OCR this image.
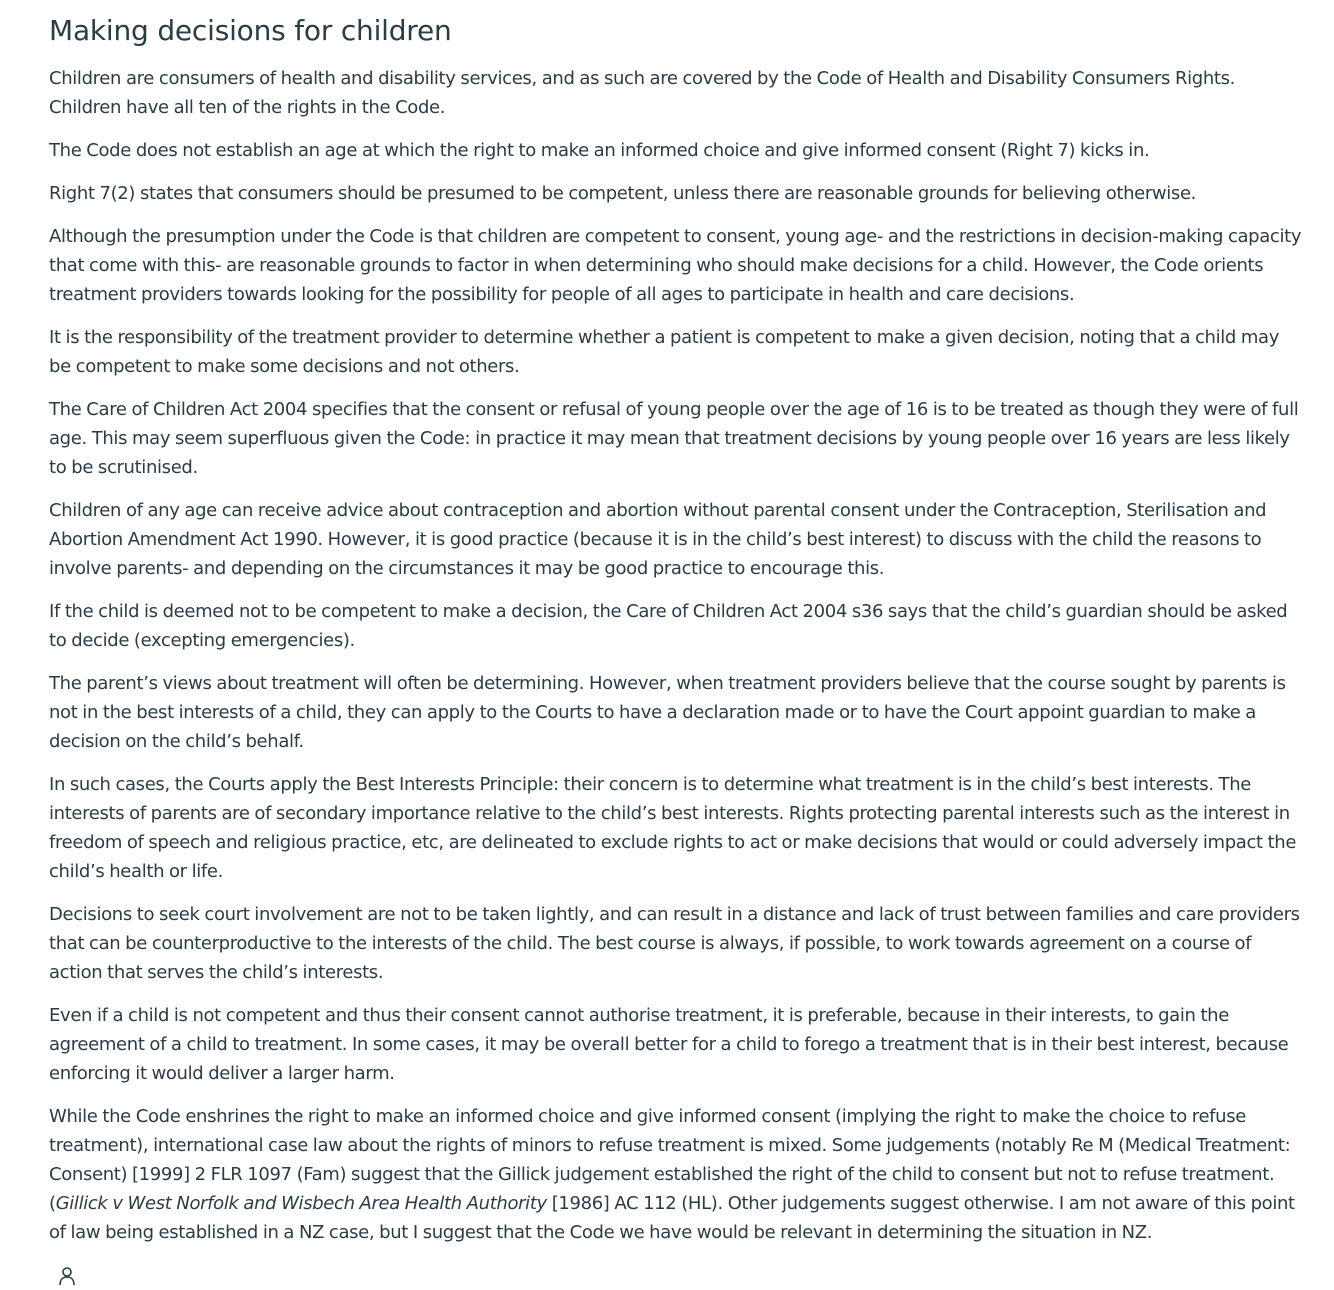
Making decisions for children

Children are consumers of health and disability services, and as such are covered by the Code of Health and Disability Consumers Rights. Children have all ten of the rights in the Code.

The Code does not establish an age at which the right to make an informed choice and give informed consent (Right 7) kicks in.

Right 7(2) states that consumers should be presumed to be competent, unless there are reasonable grounds for believing otherwise.

Although the presumption under the Code is that children are competent to consent, young age- and the restrictions in decision-making capacity that come with this- are reasonable grounds to factor in when determining who should make decisions for a child. However, the Code orients treatment providers towards looking for the possibility for people of all ages to participate in health and care decisions.

It is the responsibility of the treatment provider to determine whether a patient is competent to make a given decision, noting that a child may be competent to make some decisions and not others.

The Care of Children Act 2004 specifies that the consent or refusal of young people over the age of 16 is to be treated as though they were of full age. This may seem superfluous given the Code: in practice it may mean that treatment decisions by young people over 16 years are less likely to be scrutinised.

Children of any age can receive advice about contraception and abortion without parental consent under the Contraception, Sterilisation and Abortion Amendment Act 1990. However, it is good practice (because it is in the child’s best interest) to discuss with the child the reasons to involve parents- and depending on the circumstances it may be good practice to encourage this.

If the child is deemed not to be competent to make a decision, the Care of Children Act 2004 s36 says that the child’s guardian should be asked to decide (excepting emergencies).

The parent’s views about treatment will often be determining. However, when treatment providers believe that the course sought by parents is not in the best interests of a child, they can apply to the Courts to have a declaration made or to have the Court appoint guardian to make a decision on the child’s behalf.

In such cases, the Courts apply the Best Interests Principle: their concern is to determine what treatment is in the child’s best interests. The interests of parents are of secondary importance relative to the child’s best interests. Rights protecting parental interests such as the interest in freedom of speech and religious practice, etc, are delineated to exclude rights to act or make decisions that would or could adversely impact the child’s health or life.

Decisions to seek court involvement are not to be taken lightly, and can result in a distance and lack of trust between families and care providers that can be counterproductive to the interests of the child. The best course is always, if possible, to work towards agreement on a course of action that serves the child’s interests.

Even if a child is not competent and thus their consent cannot authorise treatment, it is preferable, because in their interests, to gain the agreement of a child to treatment. In some cases, it may be overall better for a child to forego a treatment that is in their best interest, because enforcing it would deliver a larger harm.

While the Code enshrines the right to make an informed choice and give informed consent (implying the right to make the choice to refuse treatment), international case law about the rights of minors to refuse treatment is mixed. Some judgements (notably Re M (Medical Treatment: Consent) [1999] 2 FLR 1097 (Fam) suggest that the Gillick judgement established the right of the child to consent but not to refuse treatment. (Gillick v West Norfolk and Wisbech Area Health Authority [1986] AC 112 (HL). Other judgements suggest otherwise. I am not aware of this point of law being established in a NZ case, but I suggest that the Code we have would be relevant in determining the situation in NZ.
